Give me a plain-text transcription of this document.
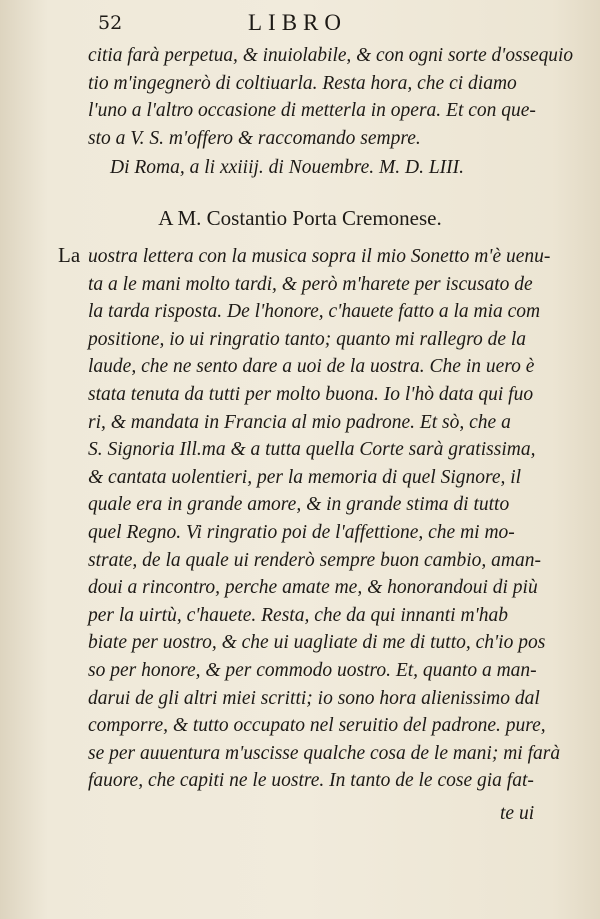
52	LIBRO
citia farà perpetua, & inuiolabile, & con ogni sorte d'ossequio
tio m'ingegnerò di coltiuarla. Resta hora, che ci diamo
l'uno a l'altro occasione di metterla in opera. Et con que-
sto a V. S. m'offero & raccomando sempre.
Di Roma, a li xxiiij. di Nouembre. M. D. LIII.
A M. Costantio Porta Cremonese.
La uostra lettera con la musica sopra il mio Sonetto m'è uenu-
ta a le mani molto tardi, & però m'harete per iscusato de
la tarda risposta. De l'honore, c'hauete fatto a la mia com
positione, io ui ringratio tanto; quanto mi rallegro de la
laude, che ne sento dare a uoi de la uostra. Che in uero è
stata tenuta da tutti per molto buona. Io l'hò data qui fuo
ri, & mandata in Francia al mio padrone. Et sò, che a
S. Signoria Ill.ma & a tutta quella Corte sarà gratissima,
& cantata uolentieri, per la memoria di quel Signore, il
quale era in grande amore, & in grande stima di tutto
quel Regno. Vi ringratio poi de l'affettione, che mi mo-
strate, de la quale ui renderò sempre buon cambio, aman-
doui a rincontro, perche amate me, & honorandoui di più
per la uirtù, c'hauete. Resta, che da qui innanti m'hab
biate per uostro, & che ui uagliate di me di tutto, ch'io pos
so per honore, & per commodo uostro. Et, quanto a man-
darui de gli altri miei scritti; io sono hora alienissimo dal
comporre, & tutto occupato nel seruitio del padrone. pure,
se per auuentura m'uscisse qualche cosa de le mani; mi farà
fauore, che capiti ne le uostre. In tanto de le cose gia fat-
te ui
